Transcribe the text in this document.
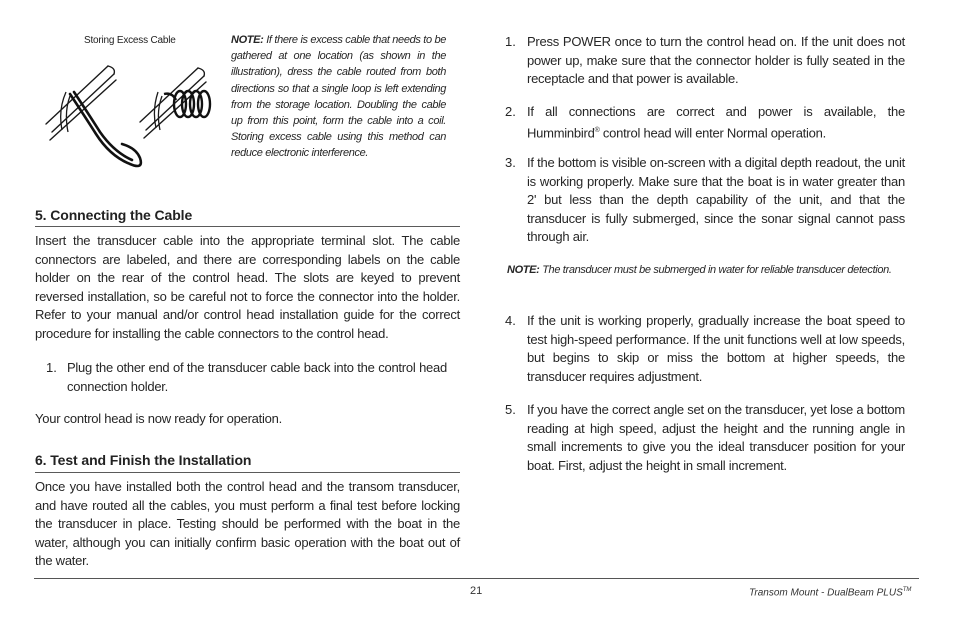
Storing Excess Cable	NOTE: If there is excess cable that needs to be gathered at one location (as shown in the illustration), dress the cable routed from both directions so that a single loop is left extending from the storage location. Doubling the cable up from this point, form the cable into a coil. Storing excess cable using this method can reduce electronic interference.

5. Connecting the Cable

Insert the transducer cable into the appropriate terminal slot. The cable connectors are labeled, and there are corresponding labels on the cable holder on the rear of the control head. The slots are keyed to prevent reversed installation, so be careful not to force the connector into the holder. Refer to your manual and/or control head installation guide for the correct procedure for installing the cable connectors to the control head.

1. Plug the other end of the transducer cable back into the control head connection holder.

Your control head is now ready for operation.

6. Test and Finish the Installation

Once you have installed both the control head and the transom transducer, and have routed all the cables, you must perform a final test before locking the transducer in place. Testing should be performed with the boat in the water, although you can initially confirm basic operation with the boat out of the water.

1. Press POWER once to turn the control head on. If the unit does not power up, make sure that the connector holder is fully seated in the receptacle and that power is available.

2. If all connections are correct and power is available, the Humminbird® control head will enter Normal operation.

3. If the bottom is visible on-screen with a digital depth readout, the unit is working properly. Make sure that the boat is in water greater than 2' but less than the depth capability of the unit, and that the transducer is fully submerged, since the sonar signal cannot pass through air.

NOTE: The transducer must be submerged in water for reliable transducer detection.

4. If the unit is working properly, gradually increase the boat speed to test high-speed performance. If the unit functions well at low speeds, but begins to skip or miss the bottom at higher speeds, the transducer requires adjustment.

5. If you have the correct angle set on the transducer, yet lose a bottom reading at high speed, adjust the height and the running angle in small increments to give you the ideal transducer position for your boat. First, adjust the height in small increment.

21	Transom Mount - DualBeam PLUS™
